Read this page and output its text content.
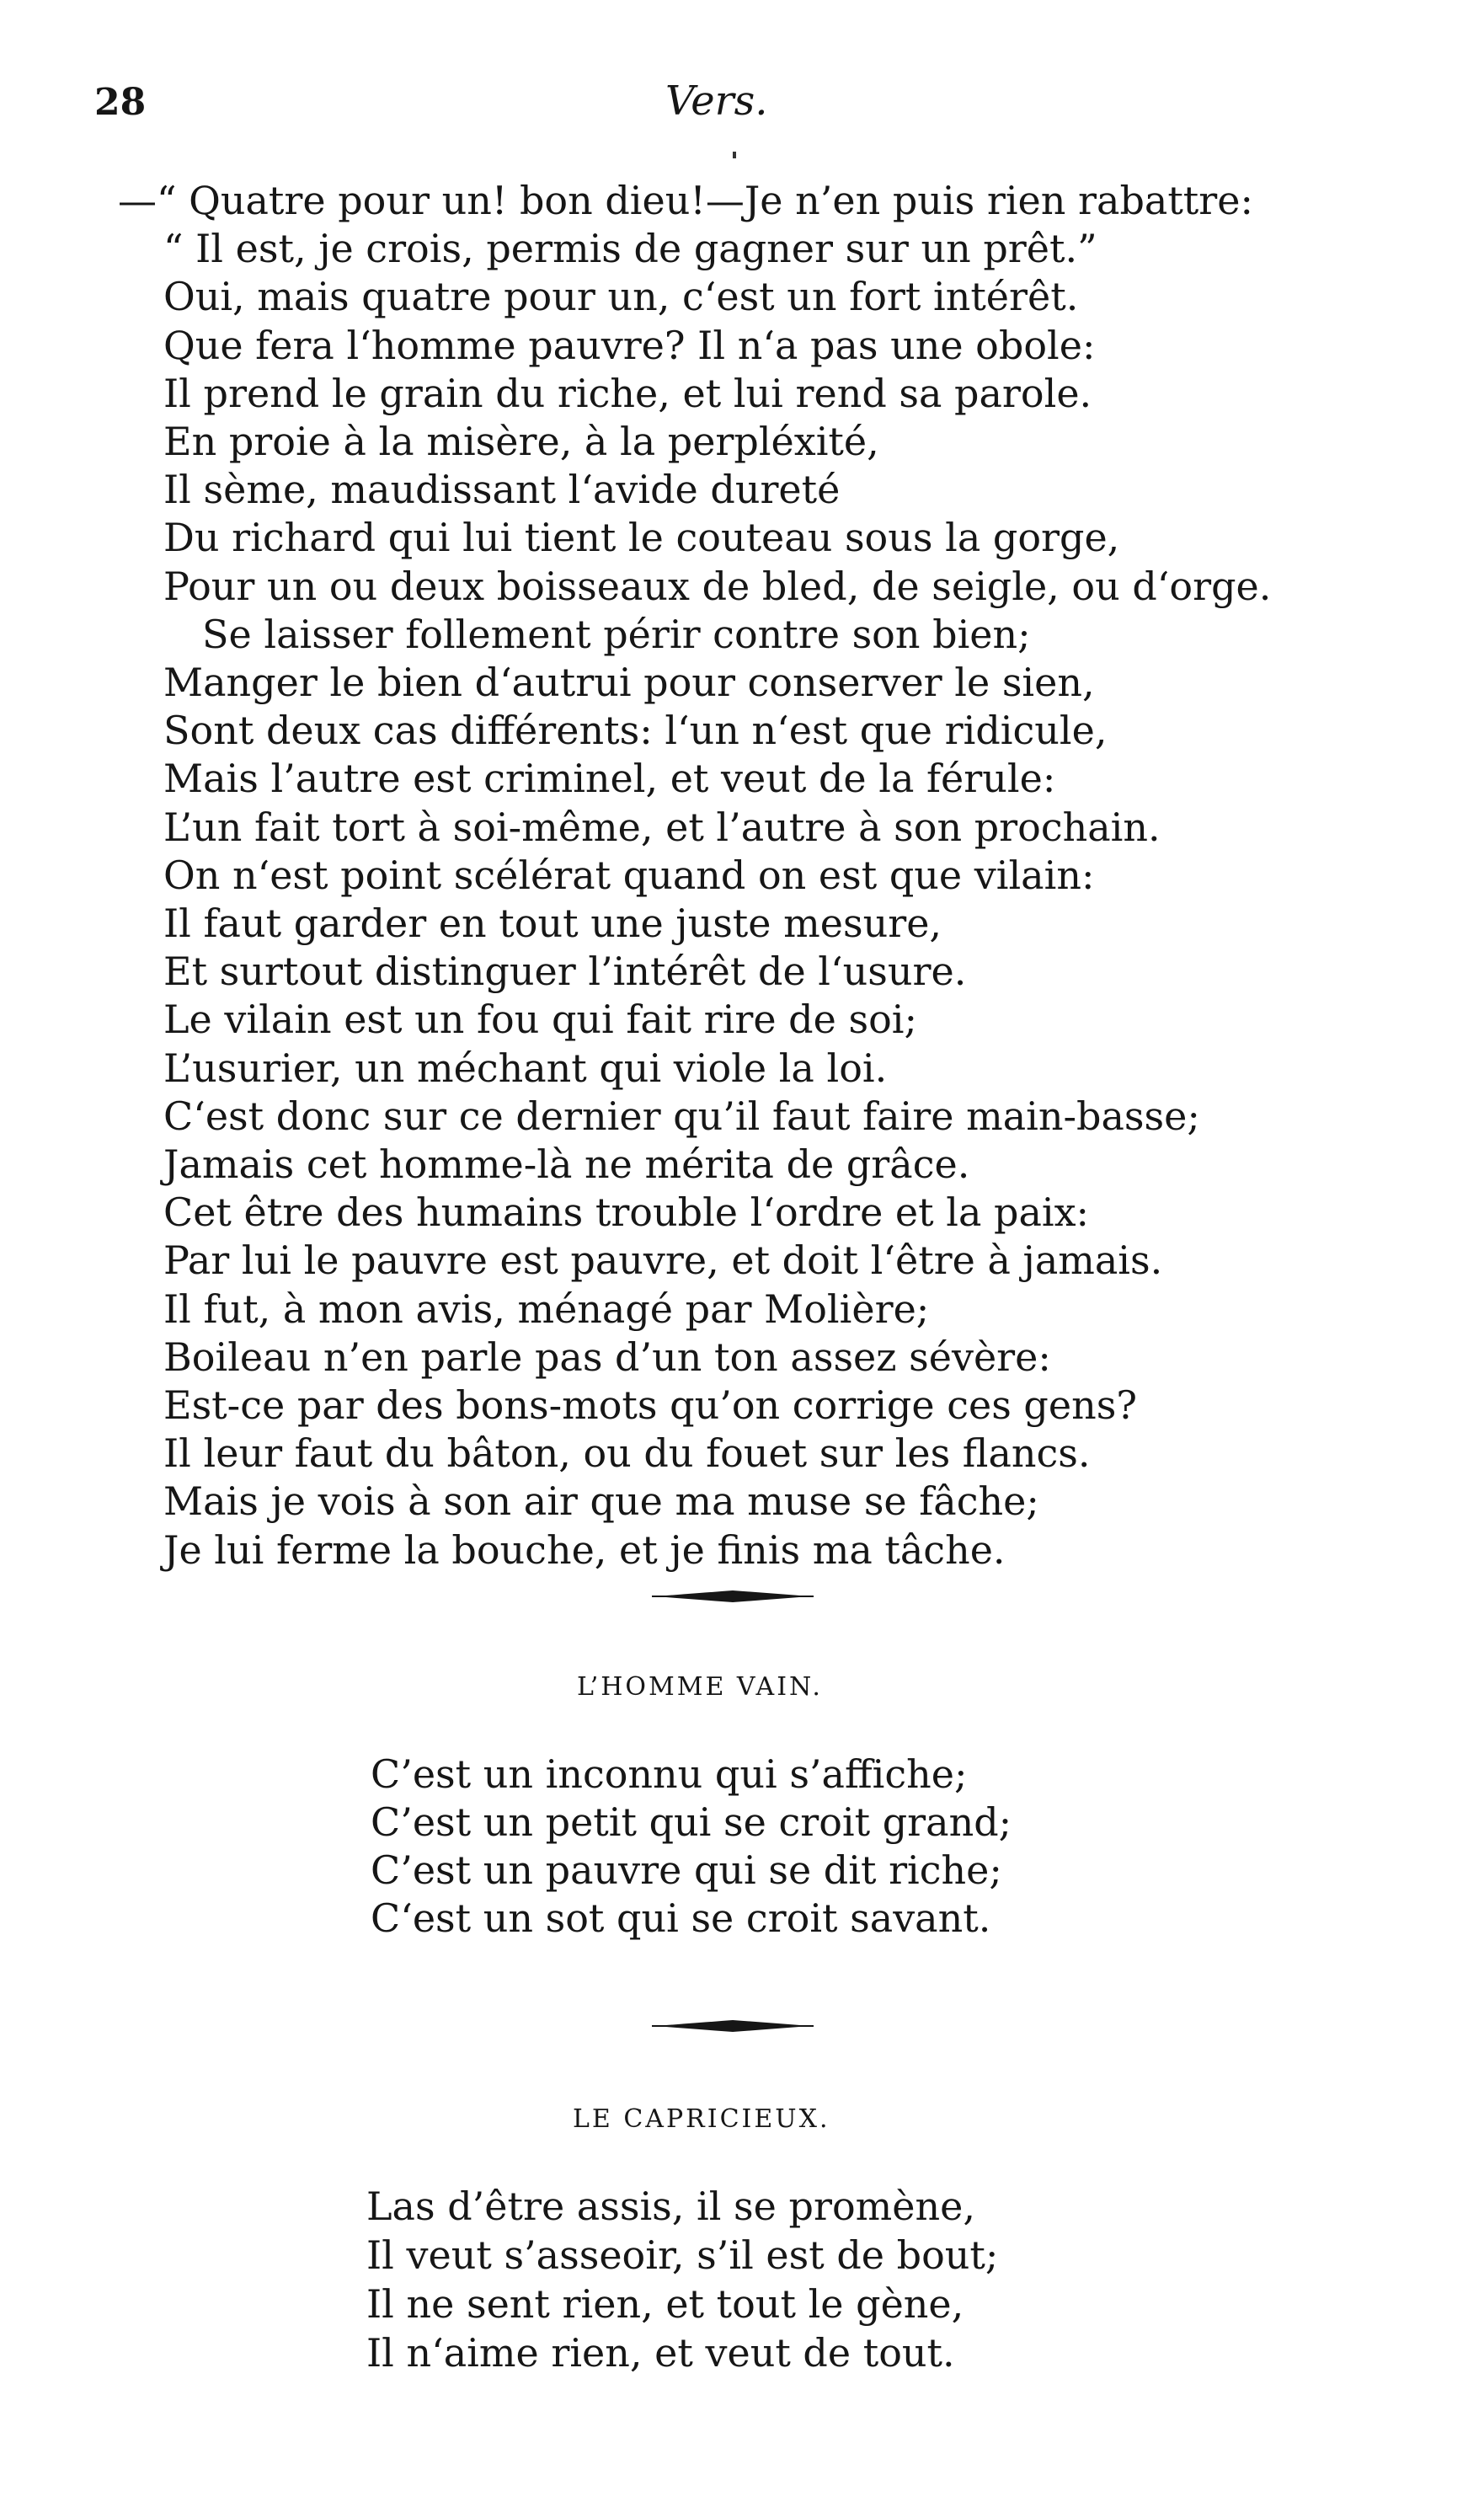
28	Vers.
—“ Quatre pour un! bon dieu!—Je n’en puis rien rabattre:
“ Il est, je crois, permis de gagner sur un prêt.”
Oui, mais quatre pour un, c‘est un fort intérêt.
Que fera l‘homme pauvre? Il n‘a pas une obole:
Il prend le grain du riche, et lui rend sa parole.
En proie à la misère, à la perpléxité,
Il sème, maudissant l‘avide dureté
Du richard qui lui tient le couteau sous la gorge,
Pour un ou deux boisseaux de bled, de seigle, ou d‘orge.
Se laisser follement périr contre son bien;
Manger le bien d‘autrui pour conserver le sien,
Sont deux cas différents: l‘un n‘est que ridicule,
Mais l’autre est criminel, et veut de la férule:
L’un fait tort à soi-même, et l’autre à son prochain.
On n‘est point scélérat quand on est que vilain:
Il faut garder en tout une juste mesure,
Et surtout distinguer l’intérêt de l‘usure.
Le vilain est un fou qui fait rire de soi;
L’usurier, un méchant qui viole la loi.
C‘est donc sur ce dernier qu’il faut faire main-basse;
Jamais cet homme-là ne mérita de grâce.
Cet être des humains trouble l‘ordre et la paix:
Par lui le pauvre est pauvre, et doit l‘être à jamais.
Il fut, à mon avis, ménagé par Molière;
Boileau n’en parle pas d’un ton assez sévère:
Est-ce par des bons-mots qu’on corrige ces gens?
Il leur faut du bâton, ou du fouet sur les flancs.
Mais je vois à son air que ma muse se fâche;
Je lui ferme la bouche, et je finis ma tâche.
L’HOMME VAIN.
C’est un inconnu qui s’affiche;
C’est un petit qui se croit grand;
C’est un pauvre qui se dit riche;
C‘est un sot qui se croit savant.
LE CAPRICIEUX.
Las d’être assis, il se promène,
Il veut s’asseoir, s’il est de bout;
Il ne sent rien, et tout le gène,
Il n‘aime rien, et veut de tout.
